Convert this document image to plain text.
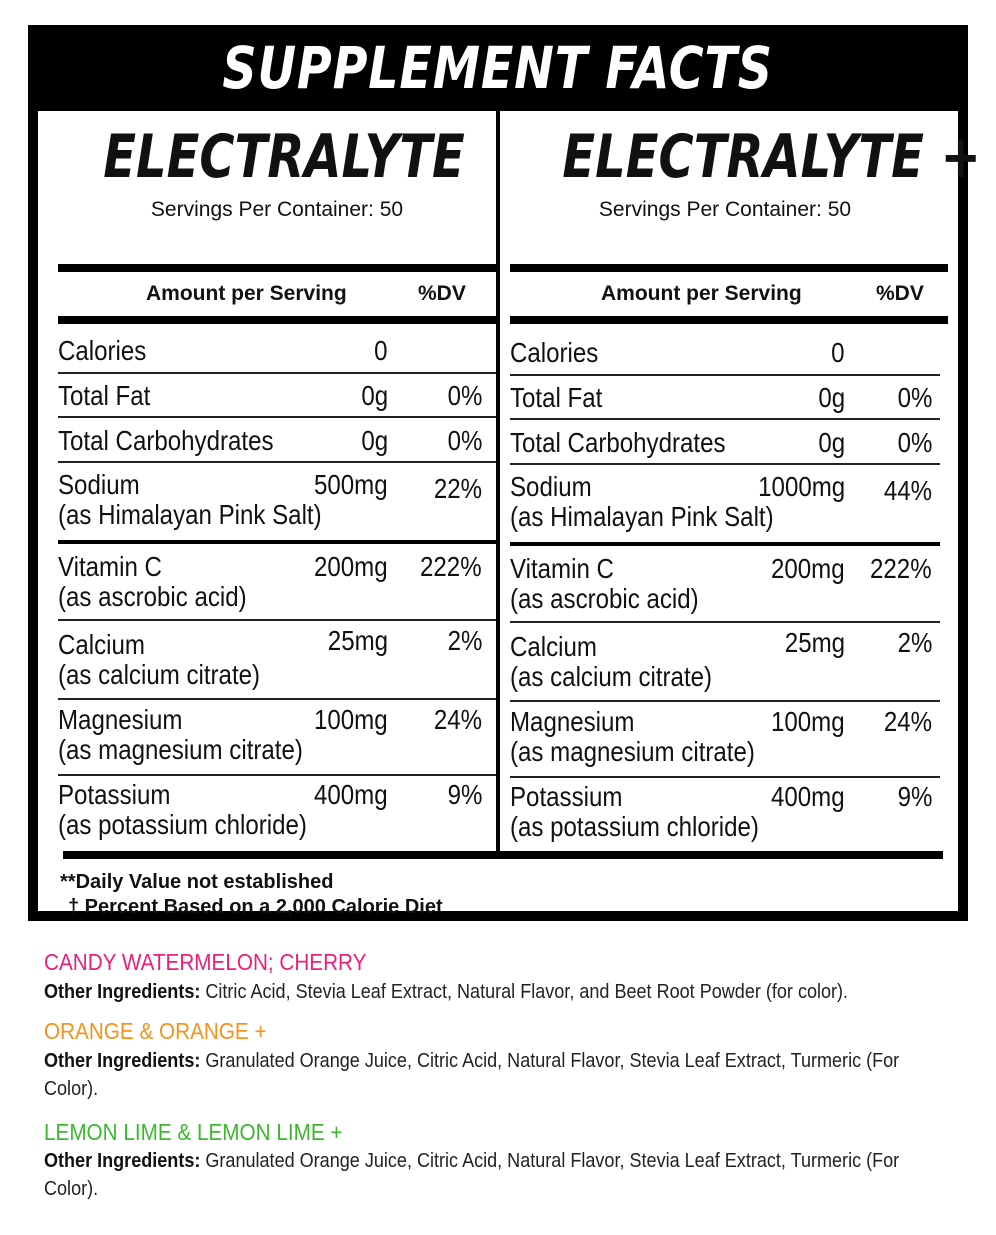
SUPPLEMENT FACTS
ELECTRALYTE
Servings Per Container: 50
Amount per Serving	%DV
Calories	0
Total Fat	0g 0%
Total Carbohydrates	0g 0%
Sodium
(as Himalayan Pink Salt)
500mg 22%
Vitamin C
(as ascrobic acid)
200mg 222%
Calcium
(as calcium citrate)
25mg 2%
Magnesium
(as magnesium citrate)
100mg 24%
Potassium
(as potassium chloride)
400mg 9%
ELECTRALYTE +
Servings Per Container: 50
Amount per Serving	%DV
Calories	0
Total Fat	0g 0%
Total Carbohydrates	0g 0%
Sodium
(as Himalayan Pink Salt)
1000mg 44%
Vitamin C
(as ascrobic acid)
200mg 222%
Calcium
(as calcium citrate)
25mg 2%
Magnesium
(as magnesium citrate)
100mg 24%
Potassium
(as potassium chloride)
400mg 9%
**Daily Value not established
† Percent Based on a 2,000 Calorie Diet
CANDY WATERMELON; CHERRY
Other Ingredients: Citric Acid, Stevia Leaf Extract, Natural Flavor, and Beet Root Powder (for color).
ORANGE & ORANGE +
Other Ingredients: Granulated Orange Juice, Citric Acid, Natural Flavor, Stevia Leaf Extract, Turmeric (For Color).
LEMON LIME & LEMON LIME +
Other Ingredients: Granulated Orange Juice, Citric Acid, Natural Flavor, Stevia Leaf Extract, Turmeric (For Color).
